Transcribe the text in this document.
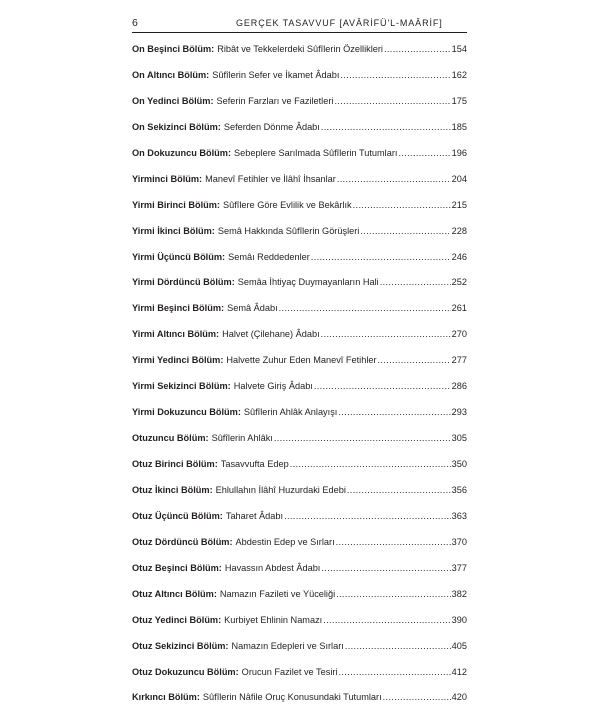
6	GERÇEK TASAVVUF [AVÂRİFÜ'L-MAÂRİF]
On Beşinci Bölüm: Ribât ve Tekkelerdeki Sûfîlerin Özellikleri .....	154
On Altıncı Bölüm: Sûfîlerin Sefer ve İkamet Âdabı .....	162
On Yedinci Bölüm: Seferin Farzları ve Faziletleri .....	175
On Sekizinci Bölüm: Seferden Dönme Âdabı .....	185
On Dokuzuncu Bölüm: Sebeplere Sarılmada Sûfîlerin Tutumları .....	196
Yirminci Bölüm: Manevî Fetihler ve İlâhî İhsanlar .....	204
Yirmi Birinci Bölüm: Sûfîlere Göre Evlilik ve Bekârlık .....	215
Yirmi İkinci Bölüm: Semâ Hakkında Sûfîlerin Görüşleri .....	228
Yirmi Üçüncü Bölüm: Semâı Reddedenler .....	246
Yirmi Dördüncü Bölüm: Semâa İhtiyaç Duymayanların Hali .....	252
Yirmi Beşinci Bölüm: Semâ Âdabı .....	261
Yirmi Altıncı Bölüm: Halvet (Çilehane) Âdabı .....	270
Yirmi Yedinci Bölüm: Halvette Zuhur Eden Manevî Fetihler .....	277
Yirmi Sekizinci Bölüm: Halvete Giriş Âdabı .....	286
Yirmi Dokuzuncu Bölüm: Sûfîlerin Ahlâk Anlayışı .....	293
Otuzuncu Bölüm: Sûfîlerin Ahlâkı .....	305
Otuz Birinci Bölüm: Tasavvufta Edep .....	350
Otuz İkinci Bölüm: Ehlullahın İlâhî Huzurdaki Edebi .....	356
Otuz Üçüncü Bölüm: Taharet Âdabı .....	363
Otuz Dördüncü Bölüm: Abdestin Edep ve Sırları .....	370
Otuz Beşinci Bölüm: Havassın Abdest Âdabı .....	377
Otuz Altıncı Bölüm: Namazın Fazileti ve Yüceliği .....	382
Otuz Yedinci Bölüm: Kurbiyet Ehlinin Namazı .....	390
Otuz Sekizinci Bölüm: Namazın Edepleri ve Sırları .....	405
Otuz Dokuzuncu Bölüm: Orucun Fazilet ve Tesiri .....	412
Kırkıncı Bölüm: Sûfîlerin Nâfile Oruç Konusundaki Tutumları .....	420
